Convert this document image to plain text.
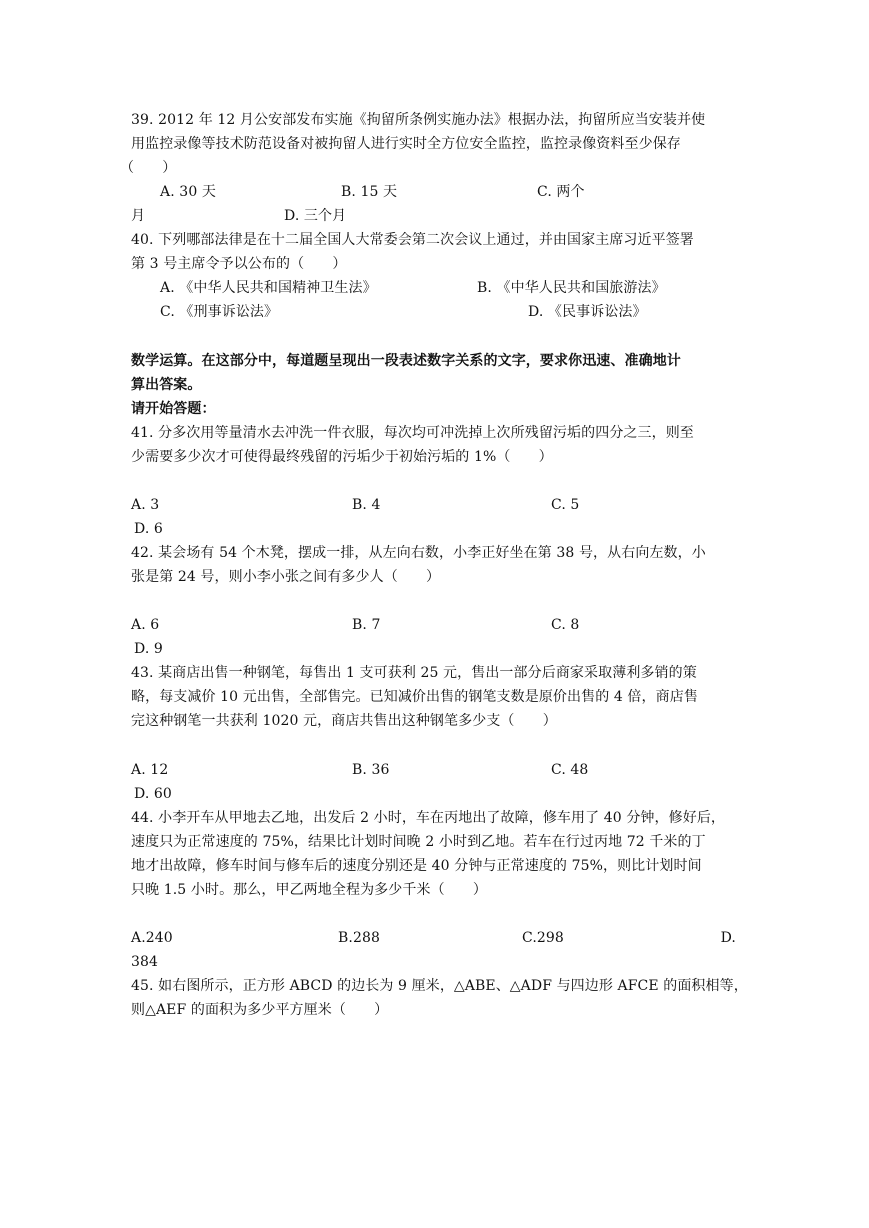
39. 2012 年 12 月公安部发布实施《拘留所条例实施办法》根据办法，拘留所应当安装并使
用监控录像等技术防范设备对被拘留人进行实时全方位安全监控，监控录像资料至少保存
（　　）
A. 30 天	B. 15 天	C. 两个
月	D. 三个月
40. 下列哪部法律是在十二届全国人大常委会第二次会议上通过，并由国家主席习近平签署
第 3 号主席令予以公布的（　　）
A. 《中华人民共和国精神卫生法》	B. 《中华人民共和国旅游法》
C. 《刑事诉讼法》	D. 《民事诉讼法》
数学运算。在这部分中，每道题呈现出一段表述数字关系的文字，要求你迅速、准确地计
算出答案。
请开始答题：
41. 分多次用等量清水去冲洗一件衣服，每次均可冲洗掉上次所残留污垢的四分之三，则至
少需要多少次才可使得最终残留的污垢少于初始污垢的 1%（　　）
A. 3	B. 4	C. 5
D. 6
42. 某会场有 54 个木凳，摆成一排，从左向右数，小李正好坐在第 38 号，从右向左数，小
张是第 24 号，则小李小张之间有多少人（　　）
A. 6	B. 7	C. 8
D. 9
43. 某商店出售一种钢笔，每售出 1 支可获利 25 元，售出一部分后商家采取薄利多销的策
略，每支减价 10 元出售，全部售完。已知减价出售的钢笔支数是原价出售的 4 倍，商店售
完这种钢笔一共获利 1020 元，商店共售出这种钢笔多少支（　　）
A. 12	B. 36	C. 48
D. 60
44. 小李开车从甲地去乙地，出发后 2 小时，车在丙地出了故障，修车用了 40 分钟，修好后，
速度只为正常速度的 75%，结果比计划时间晚 2 小时到乙地。若车在行过丙地 72 千米的丁
地才出故障，修车时间与修车后的速度分别还是 40 分钟与正常速度的 75%，则比计划时间
只晚 1.5 小时。那么，甲乙两地全程为多少千米（　　）
A.240	B.288	C.298	D.
384
45. 如右图所示，正方形 ABCD 的边长为 9 厘米，△ABE、△ADF 与四边形 AFCE 的面积相等，
则△AEF 的面积为多少平方厘米（　　）
